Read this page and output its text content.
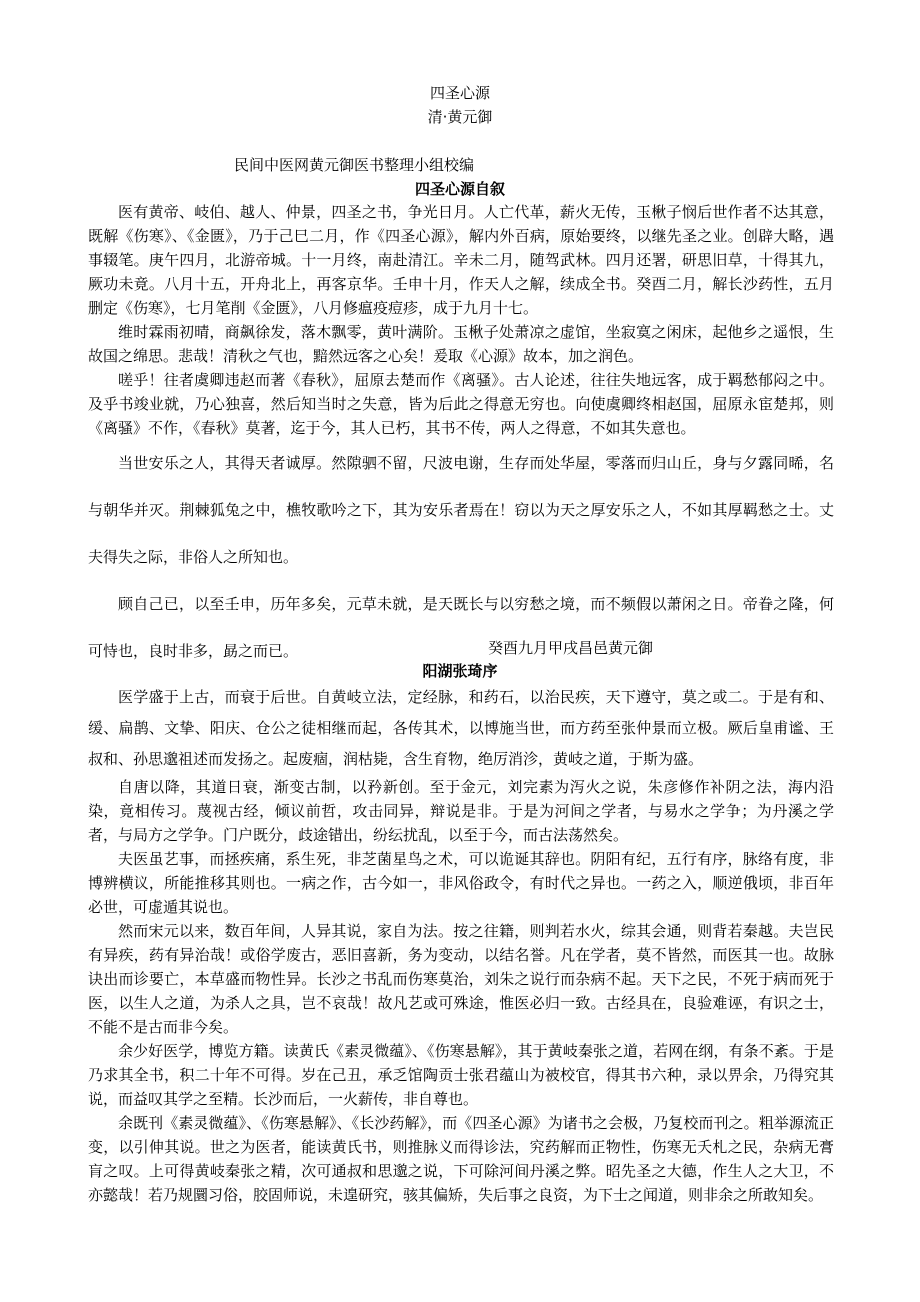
四圣心源
清·黄元御
民间中医网黄元御医书整理小组校编
四圣心源自叙

医有黄帝、岐伯、越人、仲景，四圣之书，争光日月。人亡代革，薪火无传，玉楸子悯后世作者不达其意，既解《伤寒》、《金匮》，乃于己巳二月，作《四圣心源》，解内外百病，原始要终，以继先圣之业。创辟大略，遇事辍笔。庚午四月，北游帝城。十一月终，南赴清江。辛未二月，随驾武林。四月还署，研思旧草，十得其九，厥功未竟。八月十五，开舟北上，再客京华。壬申十月，作天人之解，续成全书。癸酉二月，解长沙药性，五月删定《伤寒》，七月笔削《金匮》，八月修瘟疫痘疹，成于九月十七。

维时霖雨初晴，商飙徐发，落木飘零，黄叶满阶。玉楸子处萧凉之虚馆，坐寂寞之闲床，起他乡之遥恨，生故国之绵思。悲哉！清秋之气也，黯然远客之心矣！爰取《心源》故本，加之润色。

嗟乎！往者虞卿违赵而著《春秋》，屈原去楚而作《离骚》。古人论述，往往失地远客，成于羁愁郁闷之中。及乎书竣业就，乃心独喜，然后知当时之失意，皆为后此之得意无穷也。向使虞卿终相赵国，屈原永宦楚邦，则《离骚》不作，《春秋》莫著，迄于今，其人已朽，其书不传，两人之得意，不如其失意也。

当世安乐之人，其得天者诚厚。然隙驷不留，尺波电谢，生存而处华屋，零落而归山丘，身与夕露同晞，名与朝华并灭。荆棘狐兔之中，樵牧歌吟之下，其为安乐者焉在！窃以为天之厚安乐之人，不如其厚羁愁之士。丈夫得失之际，非俗人之所知也。

顾自己已，以至壬申，历年多矣，元草未就，是天既长与以穷愁之境，而不频假以萧闲之日。帝眷之隆，何可恃也，良时非多，勗之而已。	癸酉九月甲戌昌邑黄元御
阳湖张琦序

医学盛于上古，而衰于后世。自黄岐立法，定经脉，和药石，以治民疾，天下遵守，莫之或二。于是有和、缓、扁鹊、文挚、阳庆、仓公之徒相继而起，各传其术，以博施当世，而方药至张仲景而立极。厥后皇甫谧、王叔和、孙思邈祖述而发扬之。起废痼，润枯毙，含生育物，绝厉消沴，黄岐之道，于斯为盛。

自唐以降，其道日衰，渐变古制，以矜新创。至于金元，刘完素为泻火之说，朱彦修作补阴之法，海内沿染，竟相传习。蔑视古经，倾议前哲，攻击同异，辩说是非。于是为河间之学者，与易水之学争；为丹溪之学者，与局方之学争。门户既分，歧途错出，纷纭扰乱，以至于今，而古法荡然矣。

夫医虽艺事，而拯疾痛，系生死，非芝菌星鸟之术，可以诡诞其辞也。阴阳有纪，五行有序，脉络有度，非博辨横议，所能推移其则也。一病之作，古今如一，非风俗政令，有时代之异也。一药之入，顺逆俄顷，非百年必世，可虚遁其说也。

然而宋元以来，数百年间，人异其说，家自为法。按之往籍，则判若水火，综其会通，则背若秦越。夫岂民有异疾，药有异治哉！或俗学废古，恶旧喜新，务为变动，以结名誉。凡在学者，莫不皆然，而医其一也。故脉诀出而诊要亡，本草盛而物性异。长沙之书乱而伤寒莫治，刘朱之说行而杂病不起。天下之民，不死于病而死于医，以生人之道，为杀人之具，岂不哀哉！故凡艺或可殊途，惟医必归一致。古经具在，良验难诬，有识之士，不能不是古而非今矣。

余少好医学，博览方籍。读黄氏《素灵微蕴》、《伤寒悬解》，其于黄岐秦张之道，若网在纲，有条不紊。于是乃求其全书，积二十年不可得。岁在己丑，承乏馆陶贡士张君蕴山为被校官，得其书六种，录以畀余，乃得究其说，而益叹其学之至精。长沙而后，一火薪传，非自尊也。

余既刊《素灵微蕴》、《伤寒悬解》、《长沙药解》，而《四圣心源》为诸书之会极，乃复校而刊之。粗举源流正变，以引伸其说。世之为医者，能读黄氏书，则推脉义而得诊法，究药解而正物性，伤寒无夭札之民，杂病无膏肓之叹。上可得黄岐秦张之精，次可通叔和思邈之说，下可除河间丹溪之弊。昭先圣之大德，作生人之大卫，不亦懿哉！若乃规圜习俗，胶固师说，未遑研究，骇其偏矫，失后事之良资，为下士之闻道，则非余之所敢知矣。
